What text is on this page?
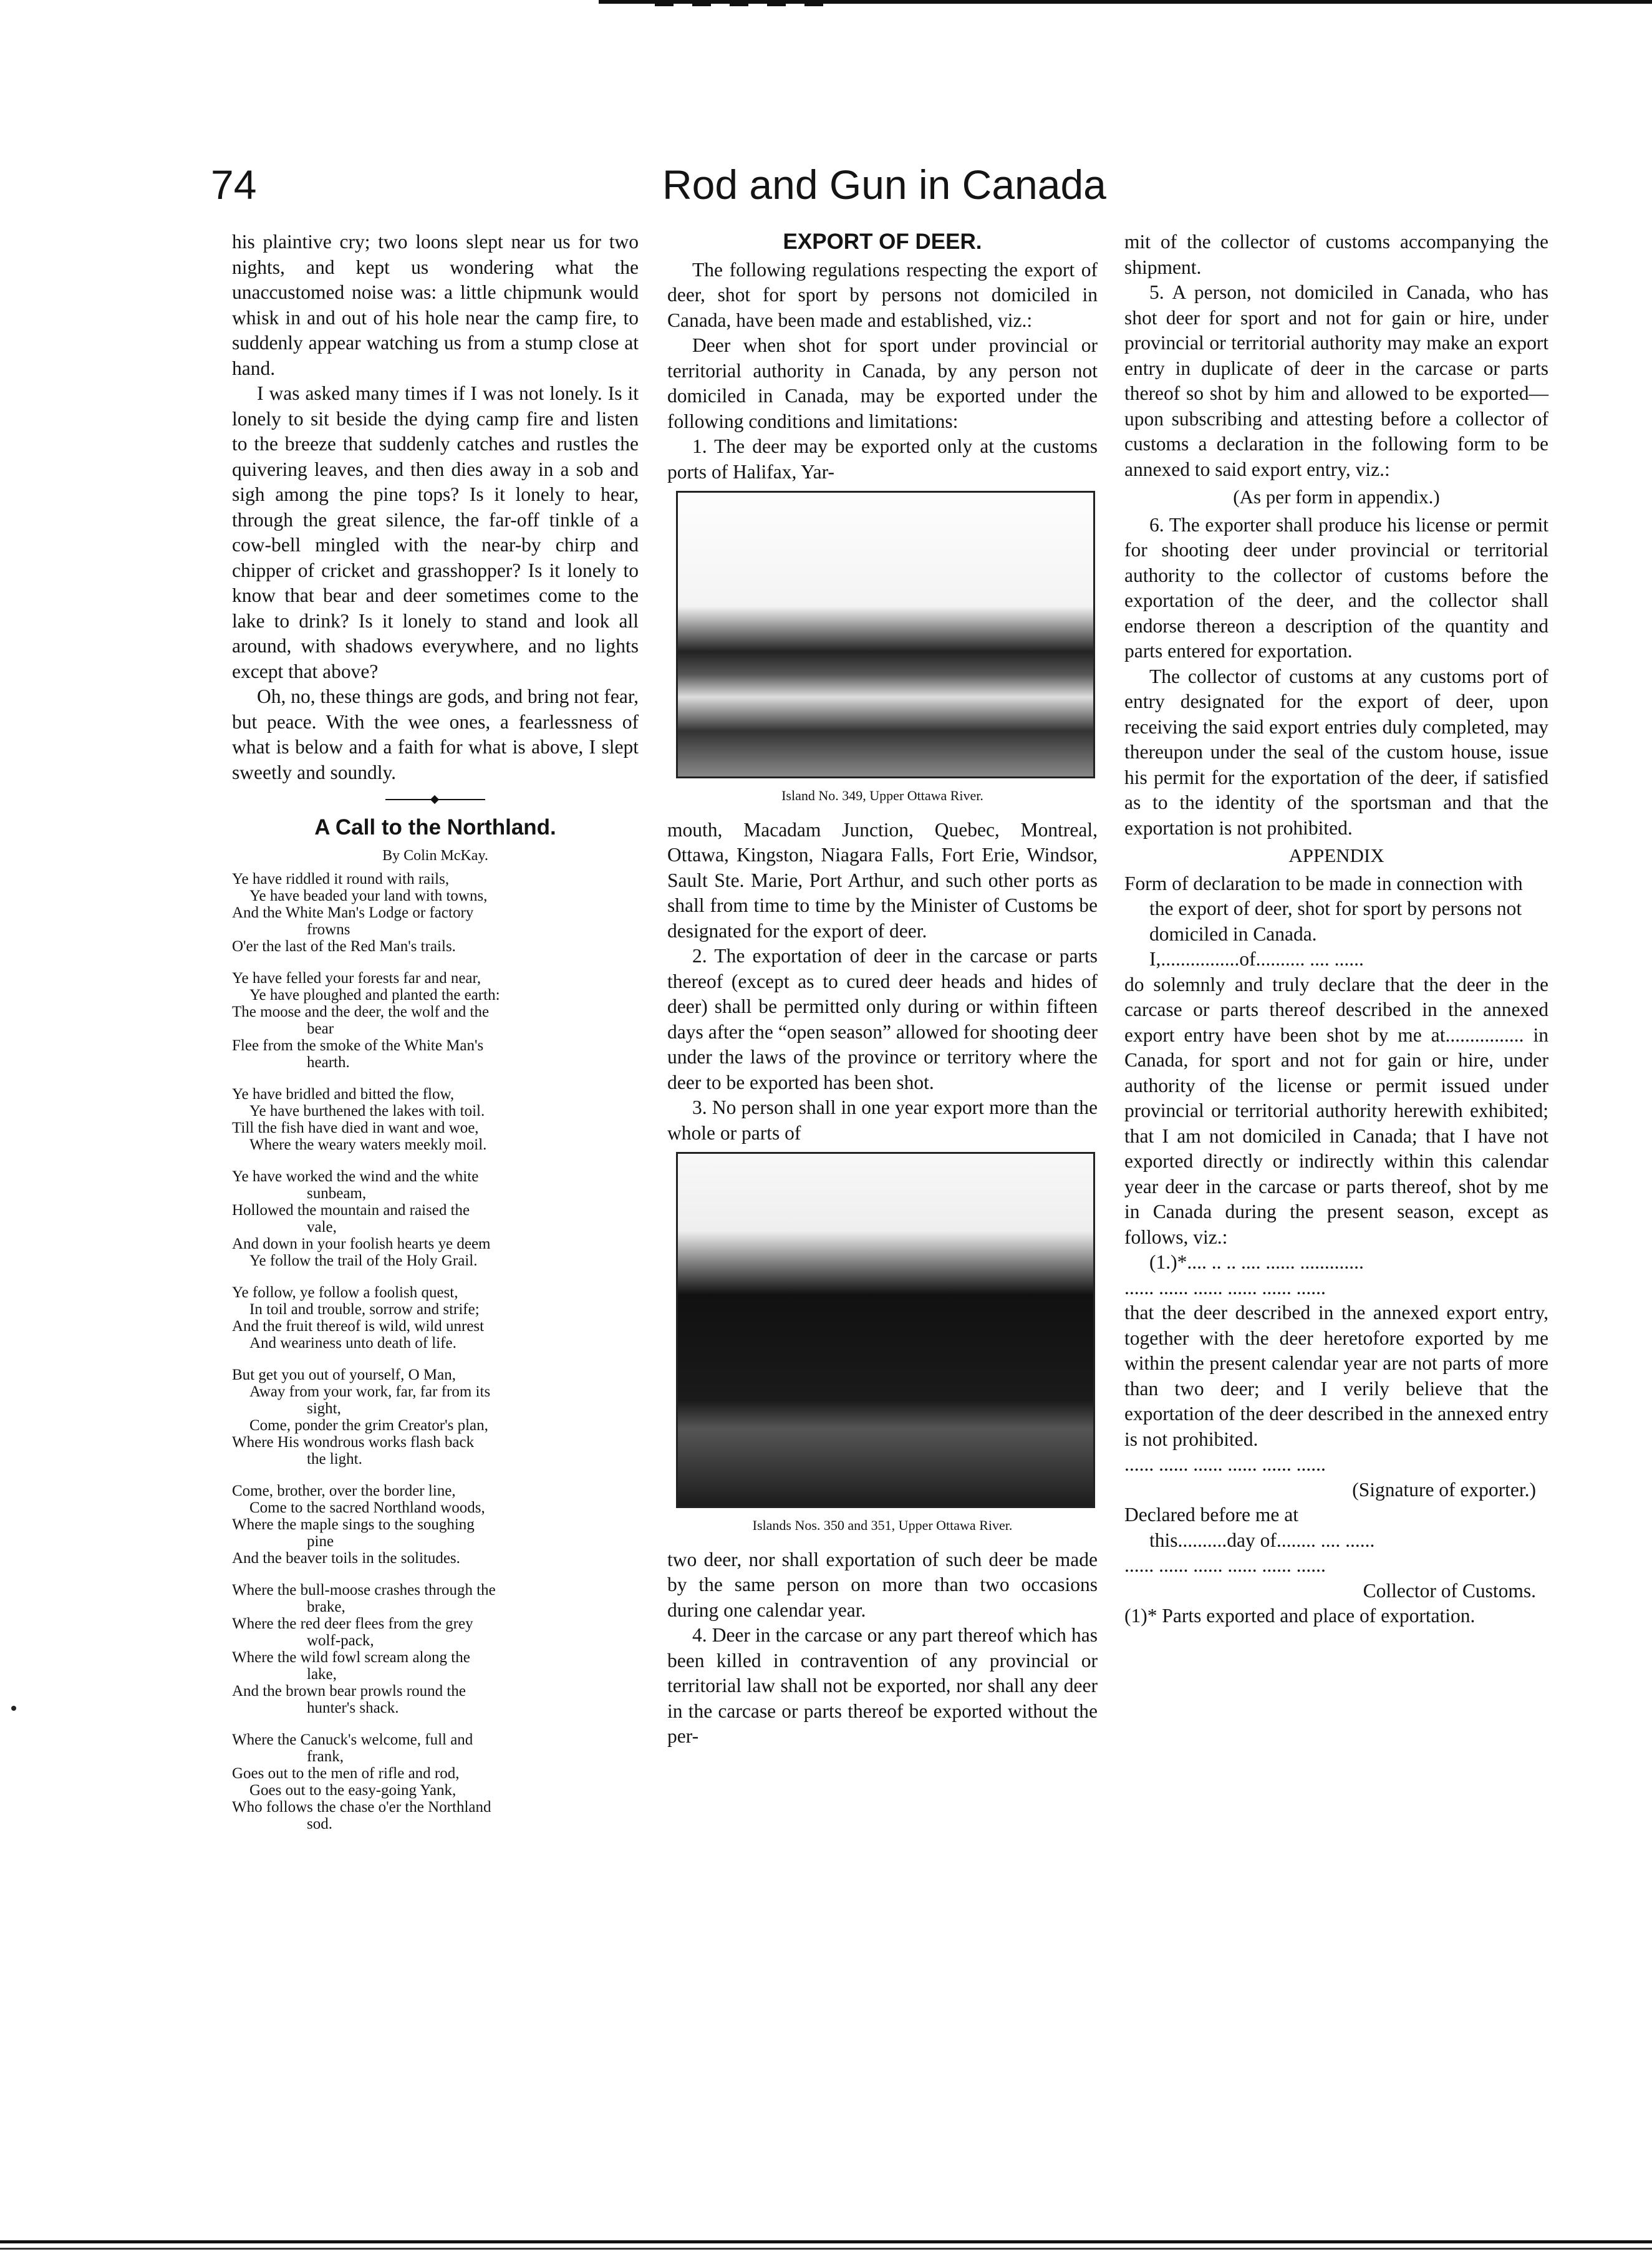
74	Rod and Gun in Canada

his plaintive cry; two loons slept near us for two nights, and kept us wondering what the unaccustomed noise was: a little chipmunk would whisk in and out of his hole near the camp fire, to suddenly appear watching us from a stump close at hand.

I was asked many times if I was not lonely. Is it lonely to sit beside the dying camp fire and listen to the breeze that suddenly catches and rustles the quivering leaves, and then dies away in a sob and sigh among the pine tops? Is it lonely to hear, through the great silence, the far-off tinkle of a cow-bell mingled with the near-by chirp and chipper of cricket and grasshopper? Is it lonely to know that bear and deer sometimes come to the lake to drink? Is it lonely to stand and look all around, with shadows everywhere, and no lights except that above?

Oh, no, these things are gods, and bring not fear, but peace. With the wee ones, a fearlessness of what is below and a faith for what is above, I slept sweetly and soundly.

A Call to the Northland.
By Colin McKay.
Ye have riddled it round with rails,
Ye have beaded your land with towns,
And the White Man's Lodge or factory
frowns
O'er the last of the Red Man's trails.
Ye have felled your forests far and near,
Ye have ploughed and planted the earth:
The moose and the deer, the wolf and the
bear
Flee from the smoke of the White Man's
hearth.
Ye have bridled and bitted the flow,
Ye have burthened the lakes with toil.
Till the fish have died in want and woe,
Where the weary waters meekly moil.
Ye have worked the wind and the white
sunbeam,
Hollowed the mountain and raised the
vale,
And down in your foolish hearts ye deem
Ye follow the trail of the Holy Grail.
Ye follow, ye follow a foolish quest,
In toil and trouble, sorrow and strife;
And the fruit thereof is wild, wild unrest
And weariness unto death of life.
But get you out of yourself, O Man,
Away from your work, far, far from its
sight,
Come, ponder the grim Creator's plan,
Where His wondrous works flash back
the light.
Come, brother, over the border line,
Come to the sacred Northland woods,
Where the maple sings to the soughing
pine
And the beaver toils in the solitudes.
Where the bull-moose crashes through the
brake,
Where the red deer flees from the grey
wolf-pack,
Where the wild fowl scream along the
lake,
And the brown bear prowls round the
hunter's shack.
Where the Canuck's welcome, full and
frank,
Goes out to the men of rifle and rod,
Goes out to the easy-going Yank,
Who follows the chase o'er the Northland
sod.
EXPORT OF DEER.

The following regulations respecting the export of deer, shot for sport by persons not domiciled in Canada, have been made and established, viz.:

Deer when shot for sport under provincial or territorial authority in Canada, by any person not domiciled in Canada, may be exported under the following conditions and limitations:

1. The deer may be exported only at the customs ports of Halifax, Yar-

Island No. 349, Upper Ottawa River.

mouth, Macadam Junction, Quebec, Montreal, Ottawa, Kingston, Niagara Falls, Fort Erie, Windsor, Sault Ste. Marie, Port Arthur, and such other ports as shall from time to time by the Minister of Customs be designated for the export of deer.

2. The exportation of deer in the carcase or parts thereof (except as to cured deer heads and hides of deer) shall be permitted only during or within fifteen days after the “open season” allowed for shooting deer under the laws of the province or territory where the deer to be exported has been shot.

3. No person shall in one year export more than the whole or parts of

Islands Nos. 350 and 351, Upper Ottawa River.

two deer, nor shall exportation of such deer be made by the same person on more than two occasions during one calendar year.

4. Deer in the carcase or any part thereof which has been killed in contravention of any provincial or territorial law shall not be exported, nor shall any deer in the carcase or parts thereof be exported without the per-

mit of the collector of customs accompanying the shipment.

5. A person, not domiciled in Canada, who has shot deer for sport and not for gain or hire, under provincial or territorial authority may make an export entry in duplicate of deer in the carcase or parts thereof so shot by him and allowed to be exported—upon subscribing and attesting before a collector of customs a declaration in the following form to be annexed to said export entry, viz.:

(As per form in appendix.)

6. The exporter shall produce his license or permit for shooting deer under provincial or territorial authority to the collector of customs before the exportation of the deer, and the collector shall endorse thereon a description of the quantity and parts entered for exportation.

The collector of customs at any customs port of entry designated for the export of deer, upon receiving the said export entries duly completed, may thereupon under the seal of the custom house, issue his permit for the exportation of the deer, if satisfied as to the identity of the sportsman and that the exportation is not prohibited.

APPENDIX

Form of declaration to be made in connection with the export of deer, shot for sport by persons not domiciled in Canada.

I,................of.......... .... ......

do solemnly and truly declare that the deer in the carcase or parts thereof described in the annexed export entry have been shot by me at................ in Canada, for sport and not for gain or hire, under authority of the license or permit issued under provincial or territorial authority herewith exhibited; that I am not domiciled in Canada; that I have not exported directly or indirectly within this calendar year deer in the carcase or parts thereof, shot by me in Canada during the present season, except as follows, viz.:

(1.)*.... .. .. .... ...... .............

...... ...... ...... ...... ...... ......

that the deer described in the annexed export entry, together with the deer heretofore exported by me within the present calendar year are not parts of more than two deer; and I verily believe that the exportation of the deer described in the annexed entry is not prohibited.

...... ...... ...... ...... ...... ......

(Signature of exporter.)

Declared before me at

this..........day of........ .... ......

...... ...... ...... ...... ...... ......

Collector of Customs.

(1)* Parts exported and place of exportation.
